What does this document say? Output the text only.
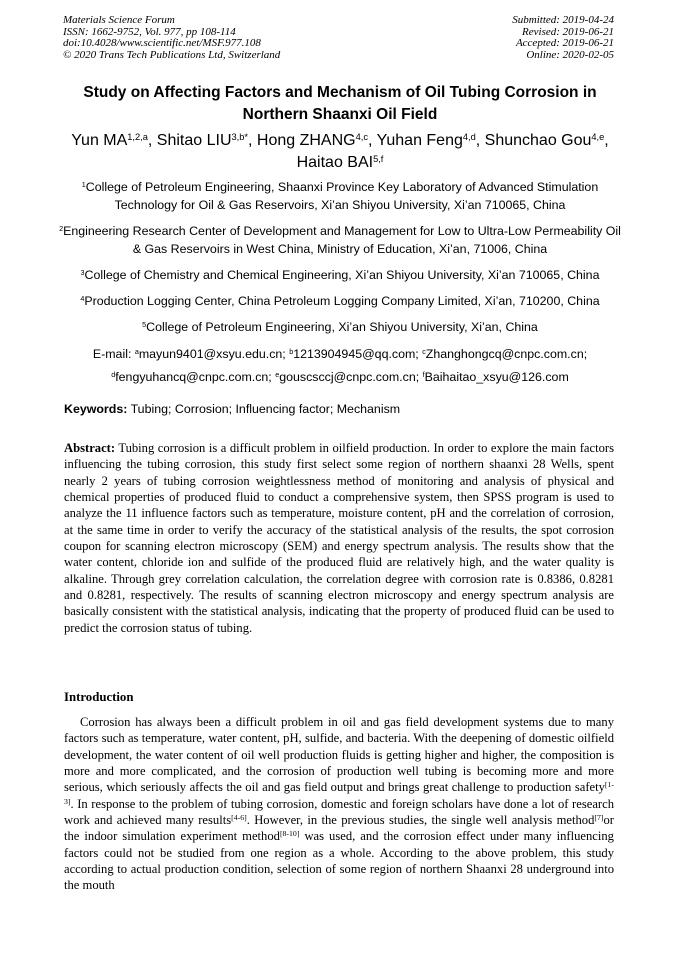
Materials Science Forum
ISSN: 1662-9752, Vol. 977, pp 108-114
doi:10.4028/www.scientific.net/MSF.977.108
© 2020 Trans Tech Publications Ltd, Switzerland
Submitted: 2019-04-24
Revised: 2019-06-21
Accepted: 2019-06-21
Online: 2020-02-05
Study on Affecting Factors and Mechanism of Oil Tubing Corrosion in Northern Shaanxi Oil Field
Yun MA$^{1,2,a}$, Shitao $LIU^{3,b*}$, Hong ZHANG$^{4,c}$, Yuhan Feng$^{4,d}$, Shunchao Gou$^{4,e}$,
Haitao BAI$^{5,f}$
$^1$College of Petroleum Engineering, Shaanxi Province Key Laboratory of Advanced Stimulation Technology for Oil & Gas Reservoirs, Xi’an Shiyou University, Xi’an 710065, China
$^2$Engineering Research Center of Development and Management for Low to Ultra-Low Permeability Oil & Gas Reservoirs in West China, Ministry of Education, Xi’an, 71006, China
$^3$College of Chemistry and Chemical Engineering, Xi’an Shiyou University, Xi’an 710065, China
$^4$Production Logging Center, China Petroleum Logging Company Limited, Xi’an, 710200, China
$^5$College of Petroleum Engineering, Xi’an Shiyou University, Xi’an, China
E-mail: $^a$mayun9401@xsyu.edu.cn; $^b$1213904945@qq.com; $^c$Zhanghongcq@cnpc.com.cn;
$^d$fengyuhancq@cnpc.com.cn; $^e$gouscsccj@cnpc.com.cn; $^f$Baihaitao_xsyu@126.com
Keywords: Tubing; Corrosion; Influencing factor; Mechanism

Abstract: Tubing corrosion is a difficult problem in oilfield production. In order to explore the main factors influencing the tubing corrosion, this study first select some region of northern shaanxi 28 Wells, spent nearly 2 years of tubing corrosion weightlessness method of monitoring and analysis of physical and chemical properties of produced fluid to conduct a comprehensive system, then SPSS program is used to analyze the 11 influence factors such as temperature, moisture content, pH and the correlation of corrosion, at the same time in order to verify the accuracy of the statistical analysis of the results, the spot corrosion coupon for scanning electron microscopy (SEM) and energy spectrum analysis. The results show that the water content, chloride ion and sulfide of the produced fluid are relatively high, and the water quality is alkaline. Through grey correlation calculation, the correlation degree with corrosion rate is 0.8386, 0.8281 and 0.8281, respectively. The results of scanning electron microscopy and energy spectrum analysis are basically consistent with the statistical analysis, indicating that the property of produced fluid can be used to predict the corrosion status of tubing.

Introduction

Corrosion has always been a difficult problem in oil and gas field development systems due to many factors such as temperature, water content, pH, sulfide, and bacteria. With the deepening of domestic oilfield development, the water content of oil well production fluids is getting higher and higher, the composition is more and more complicated, and the corrosion of production well tubing is becoming more and more serious, which seriously affects the oil and gas field output and brings great challenge to production safety[1-3]. In response to the problem of tubing corrosion, domestic and foreign scholars have done a lot of research work and achieved many results[4-6]. However, in the previous studies, the single well analysis method[7]or the indoor simulation experiment method[8-10] was used, and the corrosion effect under many influencing factors could not be studied from one region as a whole. According to the above problem, this study according to actual production condition, selection of some region of northern Shaanxi 28 underground into the mouth
